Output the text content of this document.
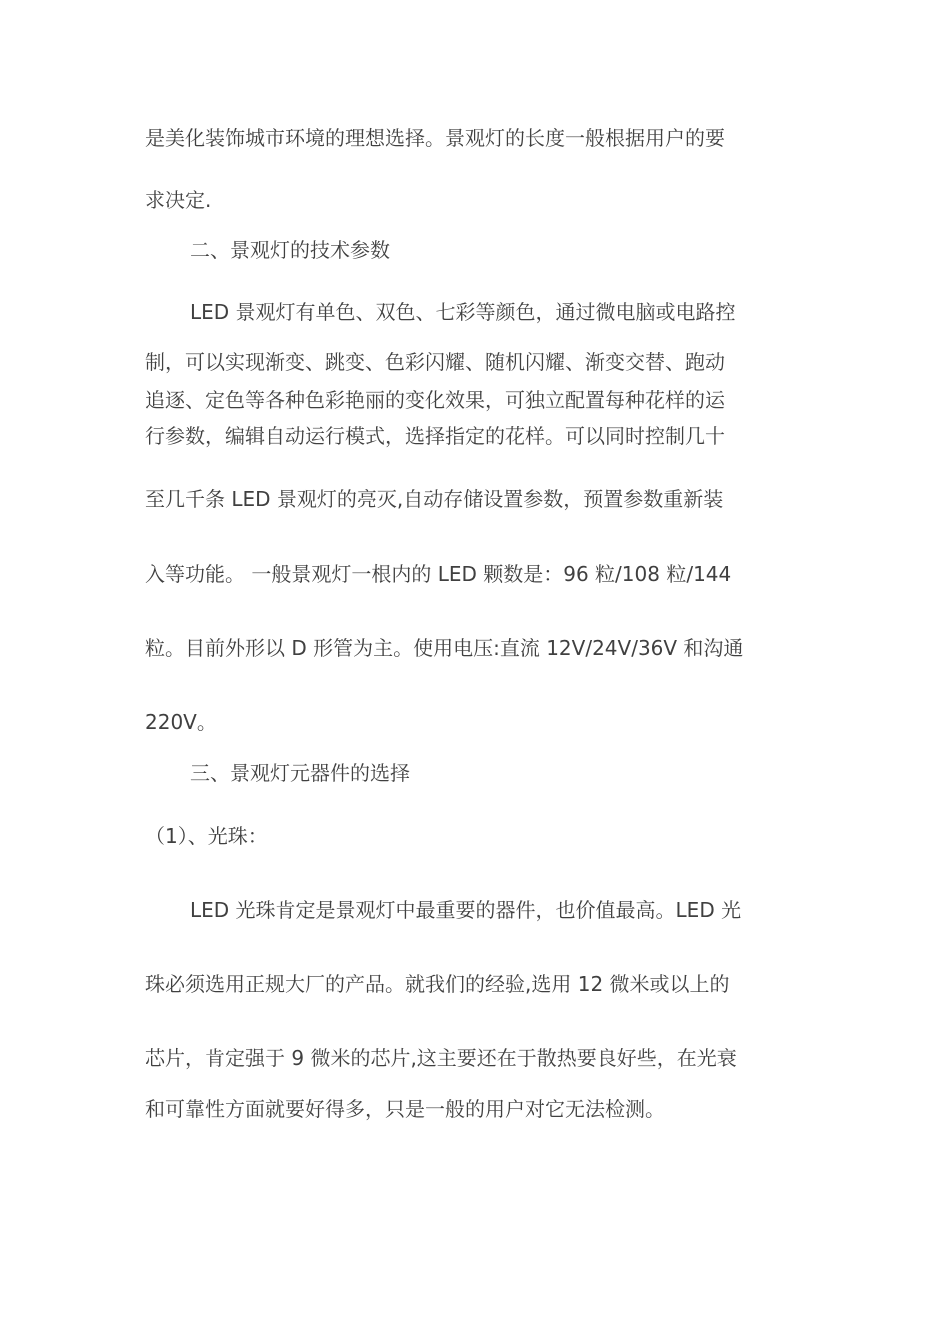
是美化装饰城市环境的理想选择。景观灯的长度一般根据用户的要
求决定.
二、景观灯的技术参数
LED 景观灯有单色、双色、七彩等颜色，通过微电脑或电路控
制，可以实现渐变、跳变、色彩闪耀、随机闪耀、渐变交替、跑动
追逐、定色等各种色彩艳丽的变化效果，可独立配置每种花样的运
行参数，编辑自动运行模式，选择指定的花样。可以同时控制几十
至几千条 LED 景观灯的亮灭,自动存储设置参数，预置参数重新装
入等功能。 一般景观灯一根内的 LED 颗数是：96 粒/108 粒/144
粒。目前外形以 D 形管为主。使用电压:直流 12V/24V/36V 和沟通
220V。
三、景观灯元器件的选择
（1）、光珠：
LED 光珠肯定是景观灯中最重要的器件，也价值最高。LED 光
珠必须选用正规大厂的产品。就我们的经验,选用 12 微米或以上的
芯片，肯定强于 9 微米的芯片,这主要还在于散热要良好些，在光衰
和可靠性方面就要好得多，只是一般的用户对它无法检测。
